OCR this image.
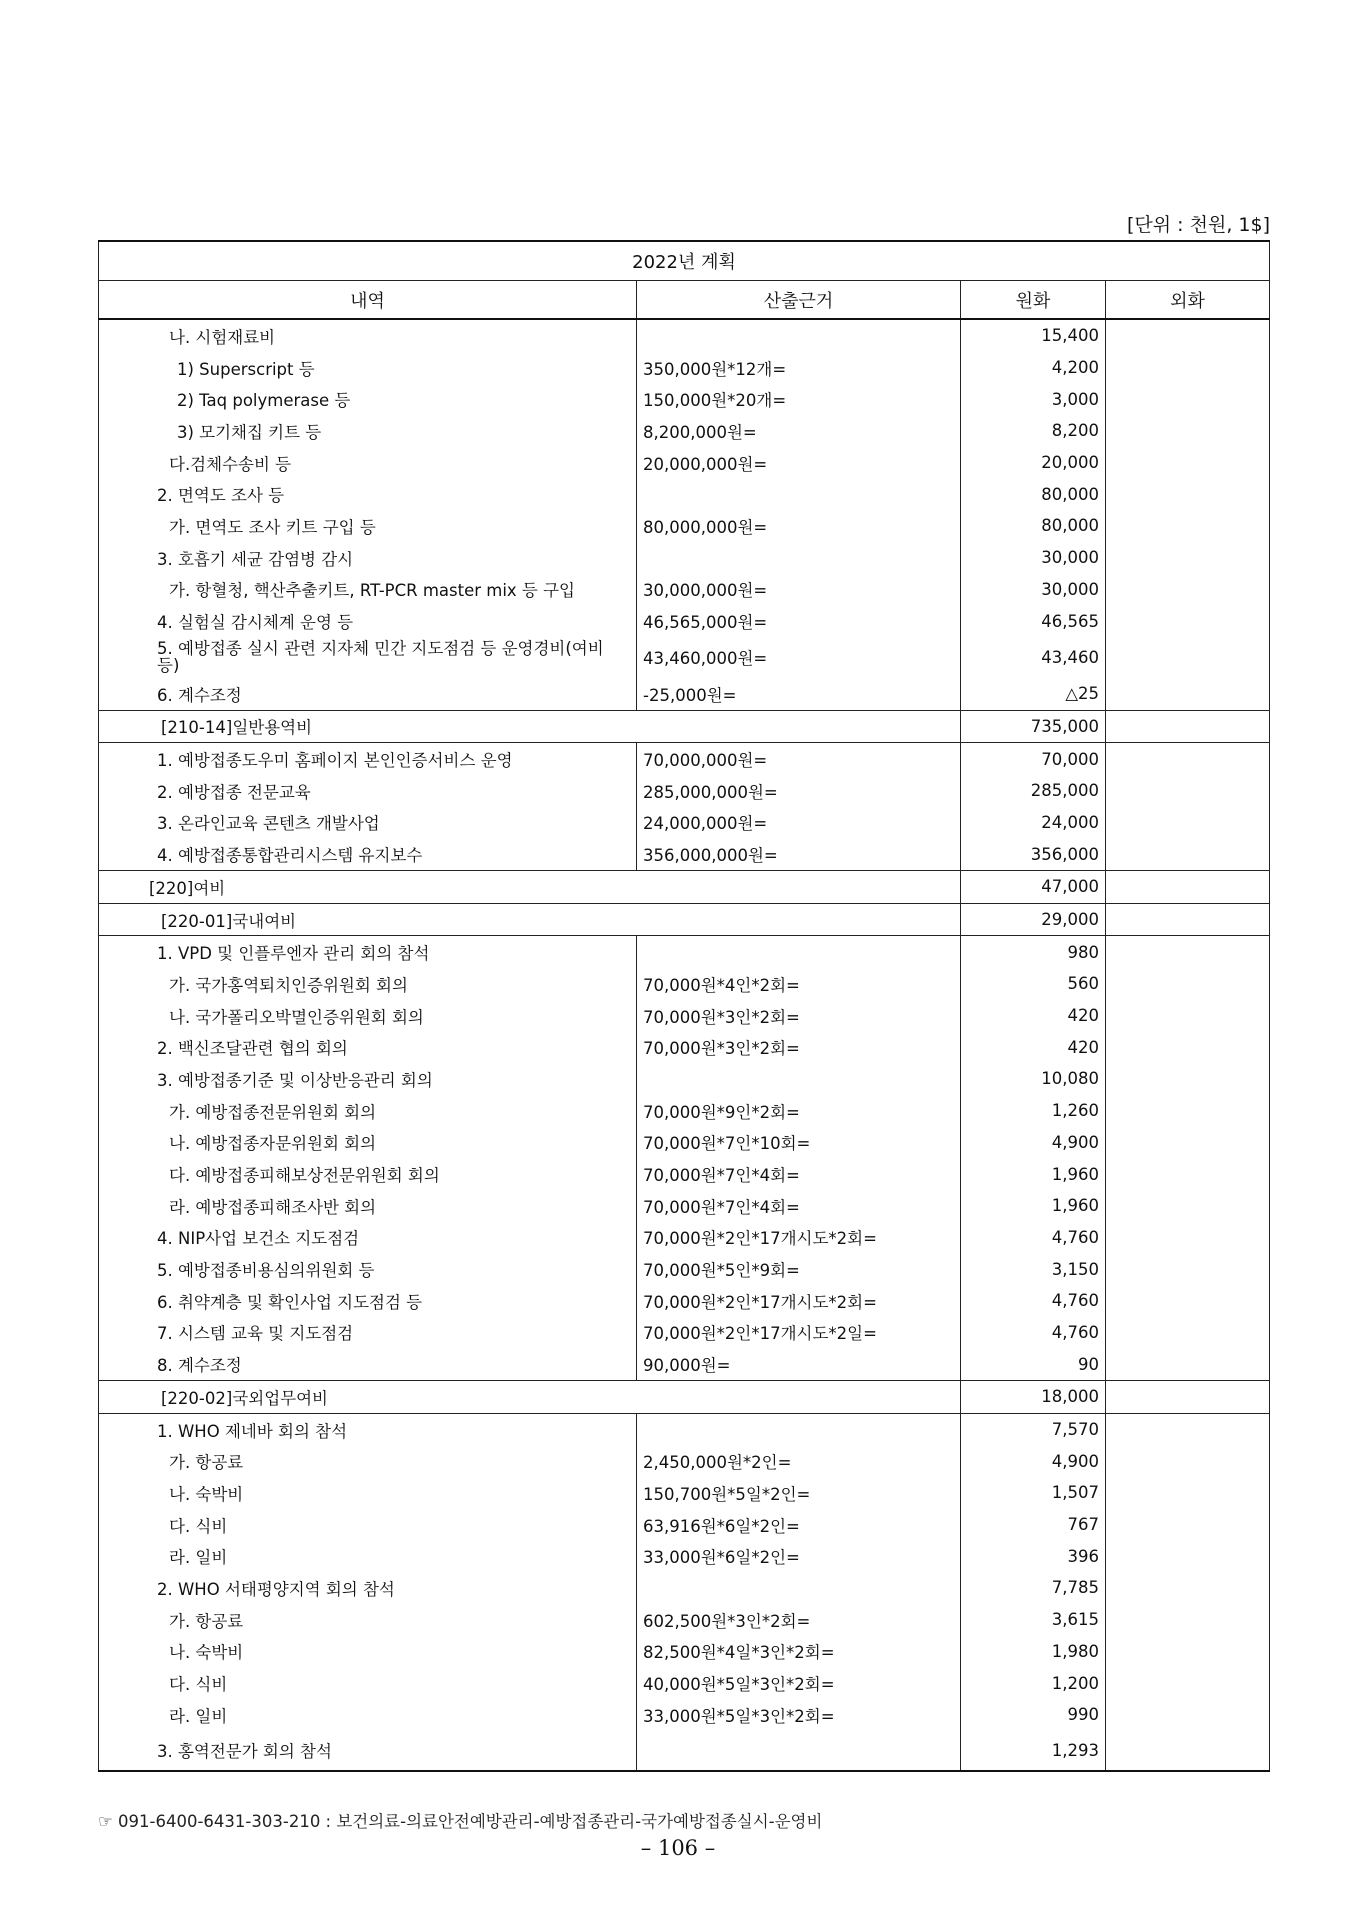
[단위 : 천원, 1$]
2022년 계획			
내역	산출근거	원화	외화
나. 시험재료비		15,400	
1) Superscript 등	350,000원*12개=	4,200	
2) Taq polymerase 등	150,000원*20개=	3,000	
3) 모기채집 키트 등	8,200,000원=	8,200	
다.검체수송비 등	20,000,000원=	20,000	
2. 면역도 조사 등		80,000	
가. 면역도 조사 키트 구입 등	80,000,000원=	80,000	
3. 호흡기 세균 감염병 감시		30,000	
가. 항혈청, 핵산추출키트, RT-PCR master mix 등 구입	30,000,000원=	30,000	
4. 실험실 감시체계 운영 등	46,565,000원=	46,565	
5. 예방접종 실시 관련 지자체 민간 지도점검 등 운영경비(여비 등)	43,460,000원=	43,460	
6. 계수조정	-25,000원=	△25	
[210-14]일반용역비		735,000	
1. 예방접종도우미 홈페이지 본인인증서비스 운영	70,000,000원=	70,000	
2. 예방접종 전문교육	285,000,000원=	285,000	
3. 온라인교육 콘텐츠 개발사업	24,000,000원=	24,000	
4. 예방접종통합관리시스템 유지보수	356,000,000원=	356,000	
[220]여비		47,000	
[220-01]국내여비		29,000	
1. VPD 및 인플루엔자 관리 회의 참석		980	
가. 국가홍역퇴치인증위원회 회의	70,000원*4인*2회=	560	
나. 국가폴리오박멸인증위원회 회의	70,000원*3인*2회=	420	
2. 백신조달관련 협의 회의	70,000원*3인*2회=	420	
3. 예방접종기준 및 이상반응관리 회의		10,080	
가. 예방접종전문위원회 회의	70,000원*9인*2회=	1,260	
나. 예방접종자문위원회 회의	70,000원*7인*10회=	4,900	
다. 예방접종피해보상전문위원회 회의	70,000원*7인*4회=	1,960	
라. 예방접종피해조사반 회의	70,000원*7인*4회=	1,960	
4. NIP사업 보건소 지도점검	70,000원*2인*17개시도*2회=	4,760	
5. 예방접종비용심의위원회 등	70,000원*5인*9회=	3,150	
6. 취약계층 및 확인사업 지도점검 등	70,000원*2인*17개시도*2회=	4,760	
7. 시스템 교육 및 지도점검	70,000원*2인*17개시도*2일=	4,760	
8. 계수조정	90,000원=	90	
[220-02]국외업무여비		18,000	
1. WHO 제네바 회의 참석		7,570	
가. 항공료	2,450,000원*2인=	4,900	
나. 숙박비	150,700원*5일*2인=	1,507	
다. 식비	63,916원*6일*2인=	767	
라. 일비	33,000원*6일*2인=	396	
2. WHO 서태평양지역 회의 참석		7,785	
가. 항공료	602,500원*3인*2회=	3,615	
나. 숙박비	82,500원*4일*3인*2회=	1,980	
다. 식비	40,000원*5일*3인*2회=	1,200	
라. 일비	33,000원*5일*3인*2회=	990	
3. 홍역전문가 회의 참석		1,293	
☞ 091-6400-6431-303-210 : 보건의료-의료안전예방관리-예방접종관리-국가예방접종실시-운영비
– 106 –
